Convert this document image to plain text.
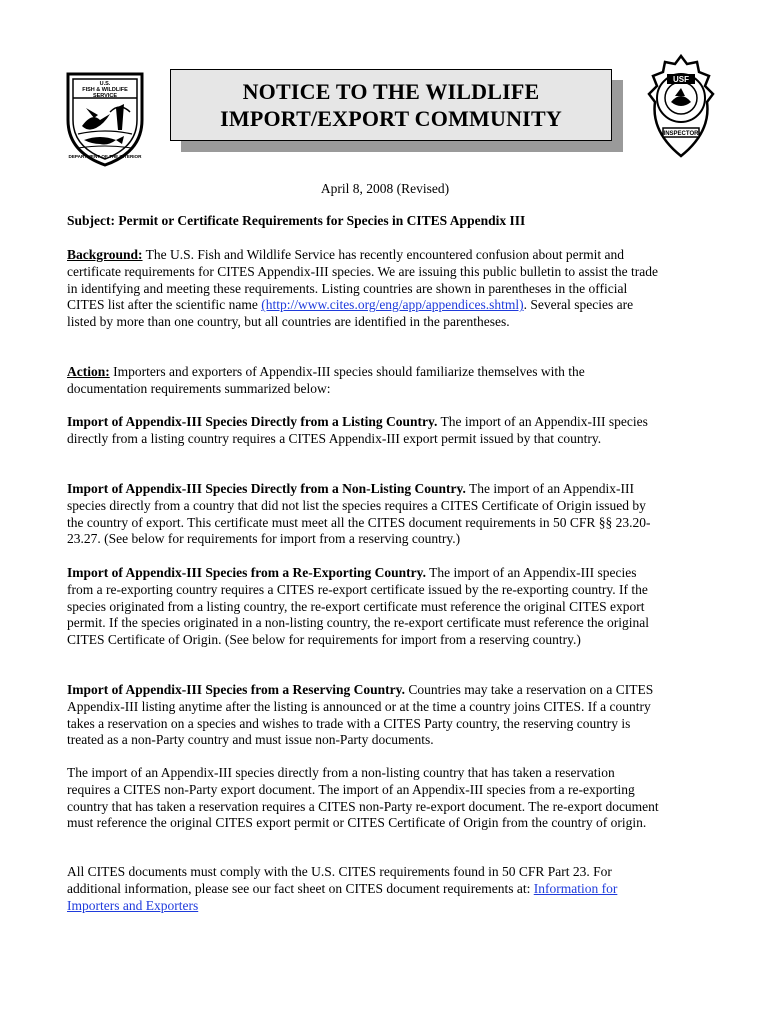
U.S.
FISH & WILDLIFE
SERVICE
DEPARTMENT OF THE INTERIOR
NOTICE TO THE WILDLIFE
IMPORT/EXPORT COMMUNITY
USF
INSPECTOR
April 8, 2008 (Revised)
Subject: Permit or Certificate Requirements for Species in CITES Appendix III
Background: The U.S. Fish and Wildlife Service has recently encountered confusion about permit and certificate requirements for CITES Appendix-III species. We are issuing this public bulletin to assist the trade in identifying and meeting these requirements. Listing countries are shown in parentheses in the official CITES list after the scientific name (http://www.cites.org/eng/app/appendices.shtml). Several species are listed by more than one country, but all countries are identified in the parentheses.
Action: Importers and exporters of Appendix-III species should familiarize themselves with the documentation requirements summarized below:
Import of Appendix-III Species Directly from a Listing Country. The import of an Appendix-III species directly from a listing country requires a CITES Appendix-III export permit issued by that country.
Import of Appendix-III Species Directly from a Non-Listing Country. The import of an Appendix-III species directly from a country that did not list the species requires a CITES Certificate of Origin issued by the country of export. This certificate must meet all the CITES document requirements in 50 CFR §§ 23.20-23.27. (See below for requirements for import from a reserving country.)
Import of Appendix-III Species from a Re-Exporting Country. The import of an Appendix-III species from a re-exporting country requires a CITES re-export certificate issued by the re-exporting country. If the species originated from a listing country, the re-export certificate must reference the original CITES export permit. If the species originated in a non-listing country, the re-export certificate must reference the original CITES Certificate of Origin. (See below for requirements for import from a reserving country.)
Import of Appendix-III Species from a Reserving Country. Countries may take a reservation on a CITES Appendix-III listing anytime after the listing is announced or at the time a country joins CITES. If a country takes a reservation on a species and wishes to trade with a CITES Party country, the reserving country is treated as a non-Party country and must issue non-Party documents.
The import of an Appendix-III species directly from a non-listing country that has taken a reservation requires a CITES non-Party export document. The import of an Appendix-III species from a re-exporting country that has taken a reservation requires a CITES non-Party re-export document. The re-export document must reference the original CITES export permit or CITES Certificate of Origin from the country of origin.
All CITES documents must comply with the U.S. CITES requirements found in 50 CFR Part 23. For additional information, please see our fact sheet on CITES document requirements at: Information for Importers and Exporters
